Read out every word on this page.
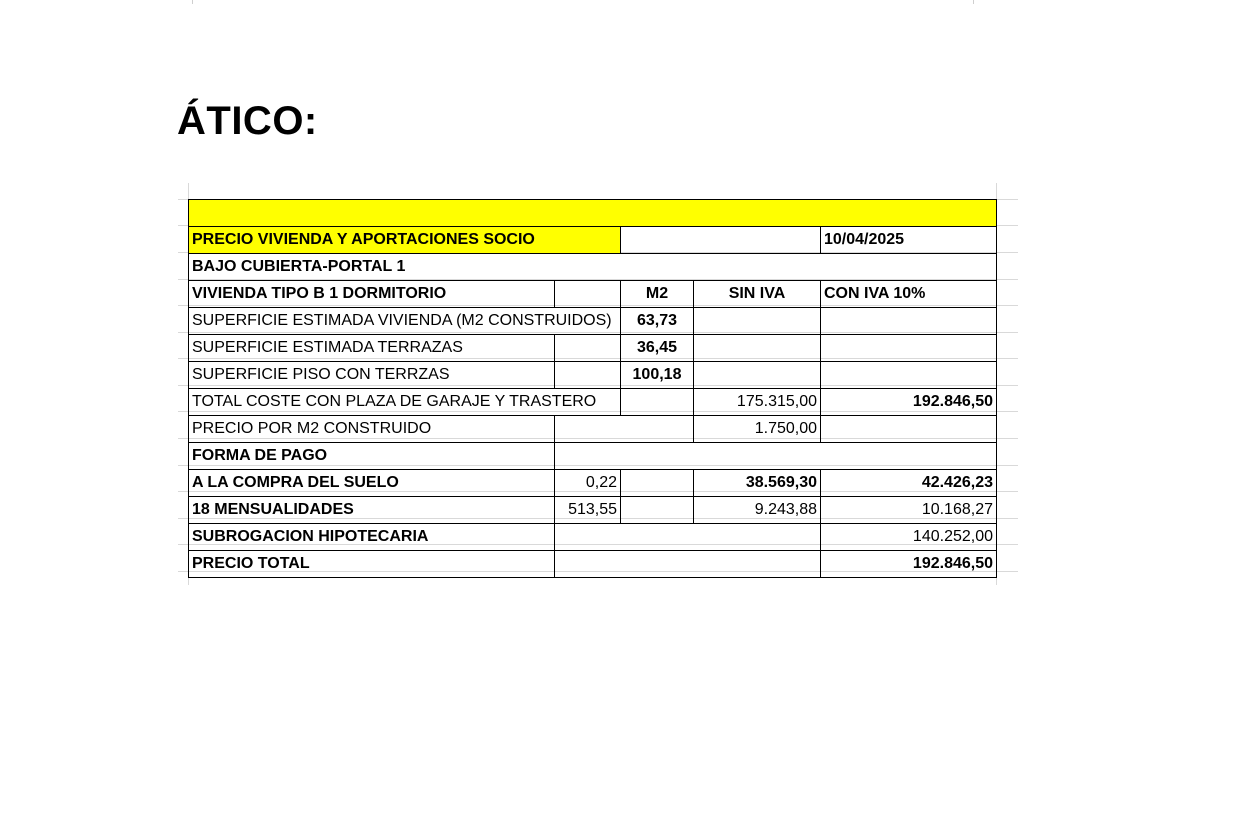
ÁTICO:

PRECIO VIVIENDA Y APORTACIONES SOCIO				10/04/2025
BAJO CUBIERTA-PORTAL 1				
VIVIENDA TIPO B 1 DORMITORIO		M2	SIN IVA	CON IVA 10%
SUPERFICIE ESTIMADA VIVIENDA (M2 CONSTRUIDOS)		63,73		
SUPERFICIE ESTIMADA TERRAZAS		36,45		
SUPERFICIE PISO CON TERRZAS		100,18		
TOTAL COSTE CON PLAZA DE GARAJE Y TRASTERO			175.315,00	192.846,50
PRECIO POR M2 CONSTRUIDO			1.750,00	
FORMA DE PAGO				
A LA COMPRA DEL SUELO	0,22		38.569,30	42.426,23
18 MENSUALIDADES	513,55		9.243,88	10.168,27
SUBROGACION HIPOTECARIA				140.252,00
PRECIO TOTAL				192.846,50
